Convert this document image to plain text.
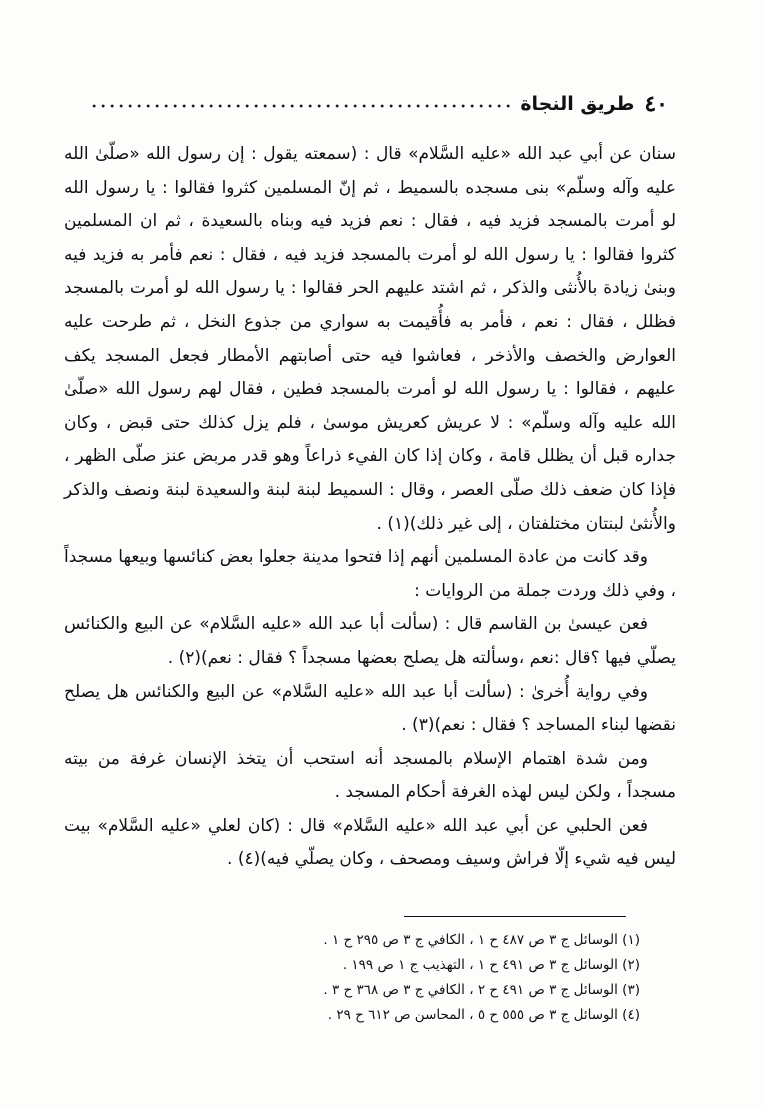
٤٠
طريق النجاة

سنان عن أبي عبد الله «عليه السَّلام» قال : (سمعته يقول : إن رسول الله «صلّىٰ الله عليه وآله وسلّم» بنى مسجده بالسميط ، ثم إنّ المسلمين كثروا فقالوا : يا رسول الله لو أمرت بالمسجد فزيد فيه ، فقال : نعم فزيد فيه وبناه بالسعيدة ، ثم ان المسلمين كثروا فقالوا : يا رسول الله لو أمرت بالمسجد فزيد فيه ، فقال : نعم فأمر به فزيد فيه وبنىٰ زيادة بالأُنثى والذكر ، ثم اشتد عليهم الحر فقالوا : يا رسول الله لو أمرت بالمسجد فظلل ، فقال : نعم ، فأمر به فأُقيمت به سواري من جذوع النخل ، ثم طرحت عليه العوارض والخصف والأذخر ، فعاشوا فيه حتى أصابتهم الأمطار فجعل المسجد يكف عليهم ، فقالوا : يا رسول الله لو أمرت بالمسجد فطين ، فقال لهم رسول الله «صلّىٰ الله عليه وآله وسلّم» : لا عريش كعريش موسىٰ ، فلم يزل كذلك حتى قبض ، وكان جداره قبل أن يظلل قامة ، وكان إذا كان الفيء ذراعاً وهو قدر مربض عنز صلّى الظهر ، فإذا كان ضعف ذلك صلّى العصر ، وقال : السميط لبنة لبنة والسعيدة لبنة ونصف والذكر والأُنثىٰ لبنتان مختلفتان ، إلى غير ذلك)(١) .

وقد كانت من عادة المسلمين أنهم إذا فتحوا مدينة جعلوا بعض كنائسها وبيعها مسجداً ، وفي ذلك وردت جملة من الروايات :

فعن عيسىٰ بن القاسم قال : (سألت أبا عبد الله «عليه السَّلام» عن البيع والكنائس يصلّي فيها ؟قال :نعم ،وسألته هل يصلح بعضها مسجداً ؟ فقال : نعم)(٢) .

وفي رواية أُخرىٰ : (سألت أبا عبد الله «عليه السَّلام» عن البيع والكنائس هل يصلح نقضها لبناء المساجد ؟ فقال : نعم)(٣) .

ومن شدة اهتمام الإسلام بالمسجد أنه استحب أن يتخذ الإنسان غرفة من بيته مسجداً ، ولكن ليس لهذه الغرفة أحكام المسجد .

فعن الحلبي عن أبي عبد الله «عليه السَّلام» قال : (كان لعلي «عليه السَّلام» بيت ليس فيه شيء إلّا فراش وسيف ومصحف ، وكان يصلّي فيه)(٤) .

(١) الوسائل ج ٣ ص ٤٨٧ ح ١ ، الكافي ج ٣ ص ٢٩٥ ح ١ .
(٢) الوسائل ج ٣ ص ٤٩١ ح ١ ، التهذيب ج ١ ص ١٩٩ .
(٣) الوسائل ج ٣ ص ٤٩١ ح ٢ ، الكافي ج ٣ ص ٣٦٨ ح ٣ .
(٤) الوسائل ج ٣ ص ٥٥٥ ح ٥ ، المحاسن ص ٦١٢ ح ٢٩ .
